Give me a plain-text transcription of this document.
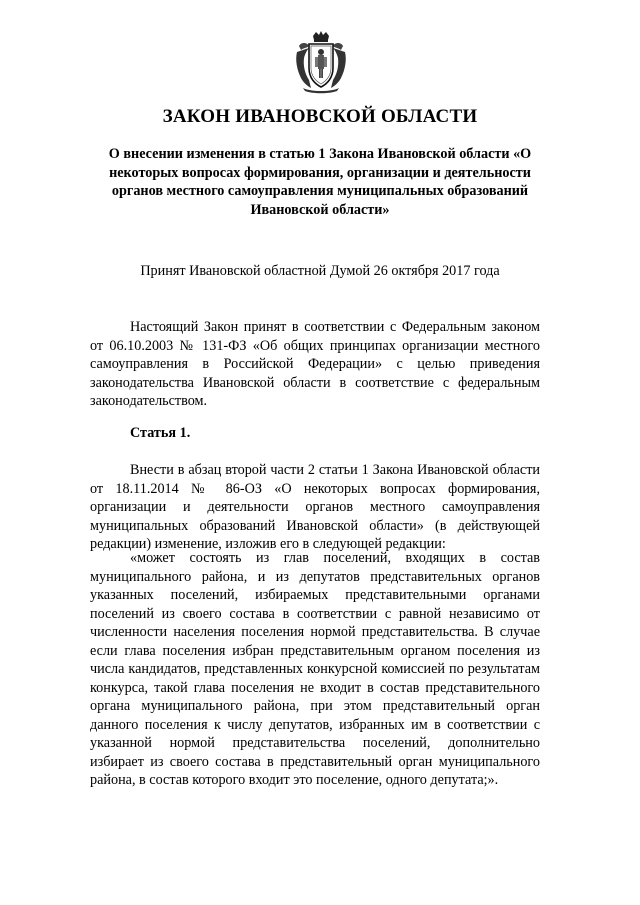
ЗАКОН ИВАНОВСКОЙ ОБЛАСТИ
О внесении изменения в статью 1 Закона Ивановской области «О некоторых вопросах формирования, организации и деятельности органов местного самоуправления муниципальных образований Ивановской области»
Принят Ивановской областной Думой 26 октября 2017 года

Настоящий Закон принят в соответствии с Федеральным законом от 06.10.2003 № 131-ФЗ «Об общих принципах организации местного самоуправления в Российской Федерации» с целью приведения законодательства Ивановской области в соответствие с федеральным законодательством.

Статья 1.

Внести в абзац второй части 2 статьи 1 Закона Ивановской области от 18.11.2014 № 86-ОЗ «О некоторых вопросах формирования, организации и деятельности органов местного самоуправления муниципальных образований Ивановской области» (в действующей редакции) изменение, изложив его в следующей редакции:

«может состоять из глав поселений, входящих в состав муниципального района, и из депутатов представительных органов указанных поселений, избираемых представительными органами поселений из своего состава в соответствии с равной независимо от численности населения поселения нормой представительства. В случае если глава поселения избран представительным органом поселения из числа кандидатов, представленных конкурсной комиссией по результатам конкурса, такой глава поселения не входит в состав представительного органа муниципального района, при этом представительный орган данного поселения к числу депутатов, избранных им в соответствии с указанной нормой представительства поселений, дополнительно избирает из своего состава в представительный орган муниципального района, в состав которого входит это поселение, одного депутата;».
